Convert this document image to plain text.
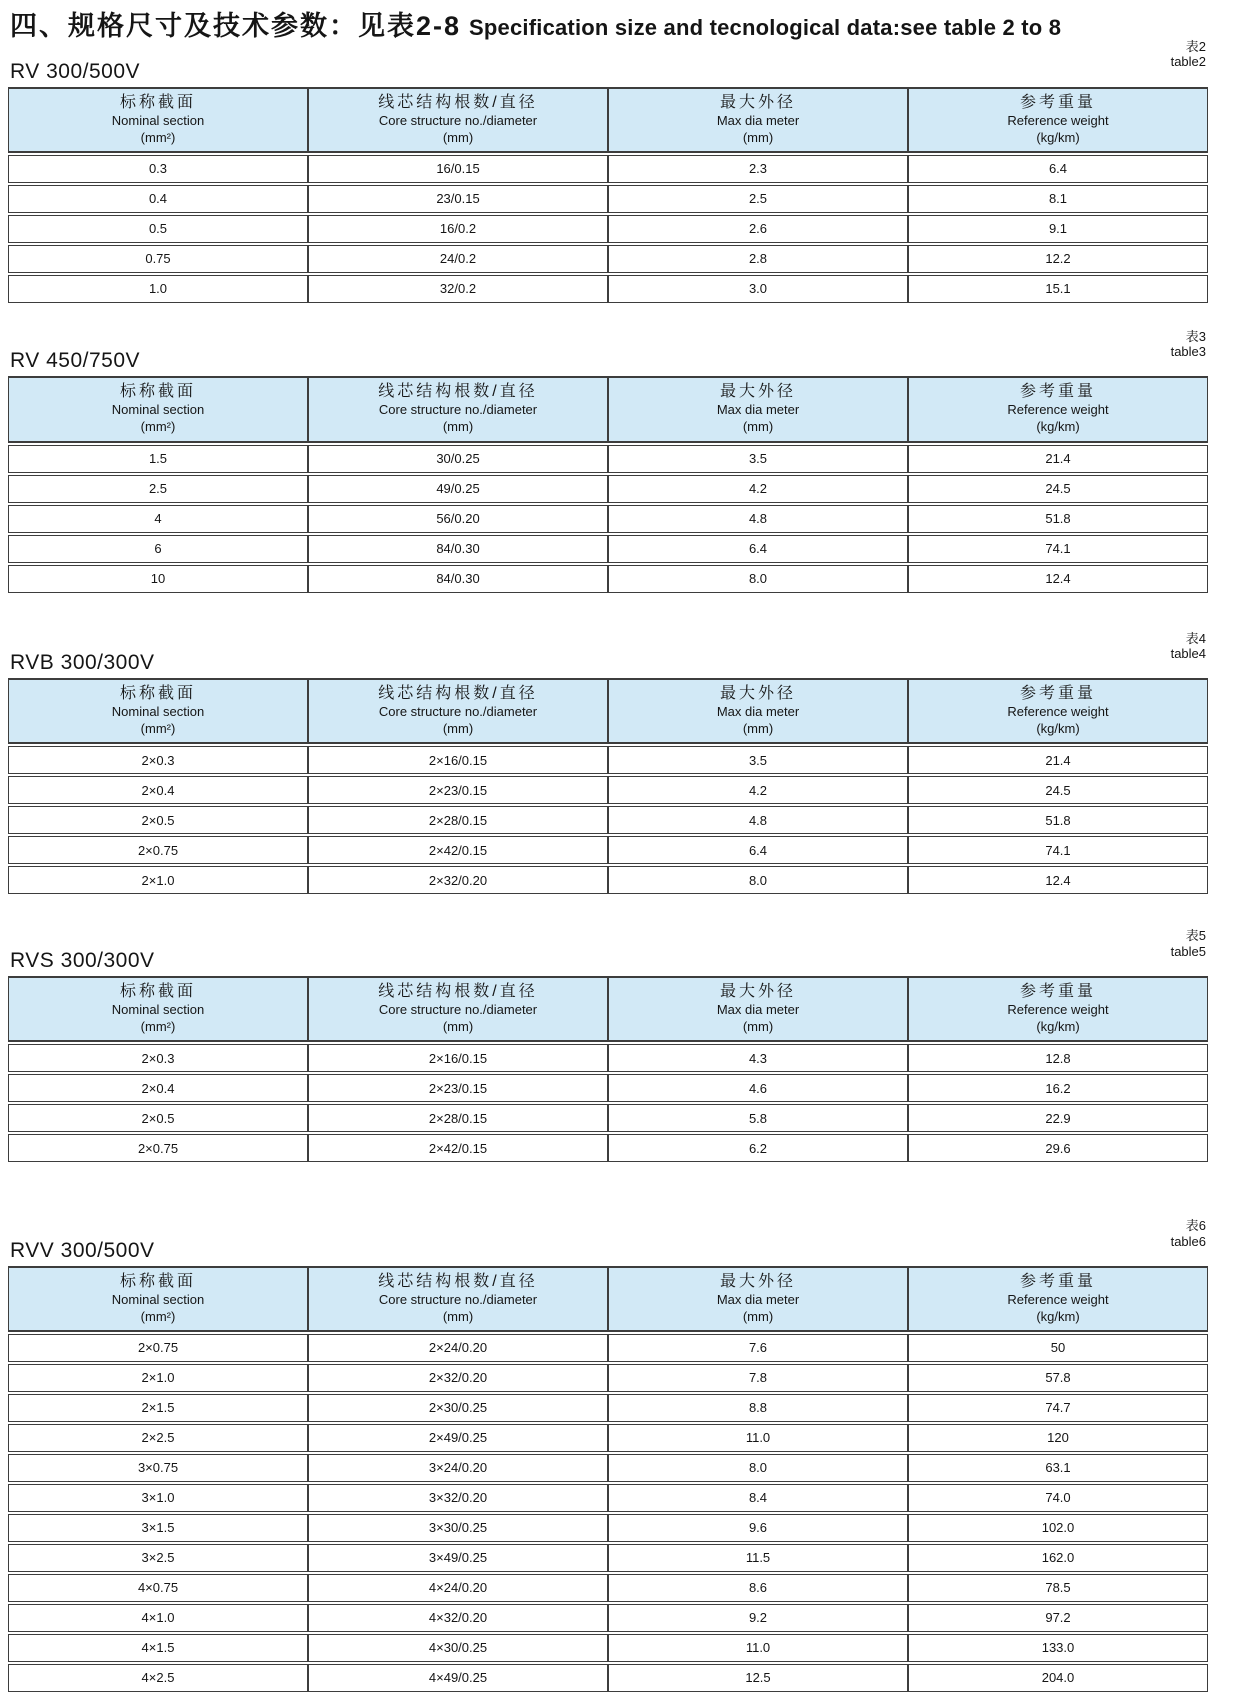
四、规格尺寸及技术参数：见表2-8 Specification size and tecnological data:see table 2 to 8
表2
table2
RV 300/500V
标称截面
Nominal section
(mm²)

线芯结构根数/直径
Core structure no./diameter
(mm)

最大外径
Max dia meter
(mm)

参考重量
Reference weight
(kg/km)

0.3	16/0.15	2.3	6.4
0.4	23/0.15	2.5	8.1
0.5	16/0.2	2.6	9.1
0.75	24/0.2	2.8	12.2
1.0	32/0.2	3.0	15.1
表3
table3
RV 450/750V
标称截面
Nominal section
(mm²)

线芯结构根数/直径
Core structure no./diameter
(mm)

最大外径
Max dia meter
(mm)

参考重量
Reference weight
(kg/km)

1.5	30/0.25	3.5	21.4
2.5	49/0.25	4.2	24.5
4	56/0.20	4.8	51.8
6	84/0.30	6.4	74.1
10	84/0.30	8.0	12.4
表4
table4
RVB 300/300V
标称截面
Nominal section
(mm²)

线芯结构根数/直径
Core structure no./diameter
(mm)

最大外径
Max dia meter
(mm)

参考重量
Reference weight
(kg/km)

2×0.3	2×16/0.15	3.5	21.4
2×0.4	2×23/0.15	4.2	24.5
2×0.5	2×28/0.15	4.8	51.8
2×0.75	2×42/0.15	6.4	74.1
2×1.0	2×32/0.20	8.0	12.4
表5
table5
RVS 300/300V
标称截面
Nominal section
(mm²)

线芯结构根数/直径
Core structure no./diameter
(mm)

最大外径
Max dia meter
(mm)

参考重量
Reference weight
(kg/km)

2×0.3	2×16/0.15	4.3	12.8
2×0.4	2×23/0.15	4.6	16.2
2×0.5	2×28/0.15	5.8	22.9
2×0.75	2×42/0.15	6.2	29.6
表6
table6
RVV 300/500V
标称截面
Nominal section
(mm²)

线芯结构根数/直径
Core structure no./diameter
(mm)

最大外径
Max dia meter
(mm)

参考重量
Reference weight
(kg/km)

2×0.75	2×24/0.20	7.6	50
2×1.0	2×32/0.20	7.8	57.8
2×1.5	2×30/0.25	8.8	74.7
2×2.5	2×49/0.25	11.0	120
3×0.75	3×24/0.20	8.0	63.1
3×1.0	3×32/0.20	8.4	74.0
3×1.5	3×30/0.25	9.6	102.0
3×2.5	3×49/0.25	11.5	162.0
4×0.75	4×24/0.20	8.6	78.5
4×1.0	4×32/0.20	9.2	97.2
4×1.5	4×30/0.25	11.0	133.0
4×2.5	4×49/0.25	12.5	204.0
